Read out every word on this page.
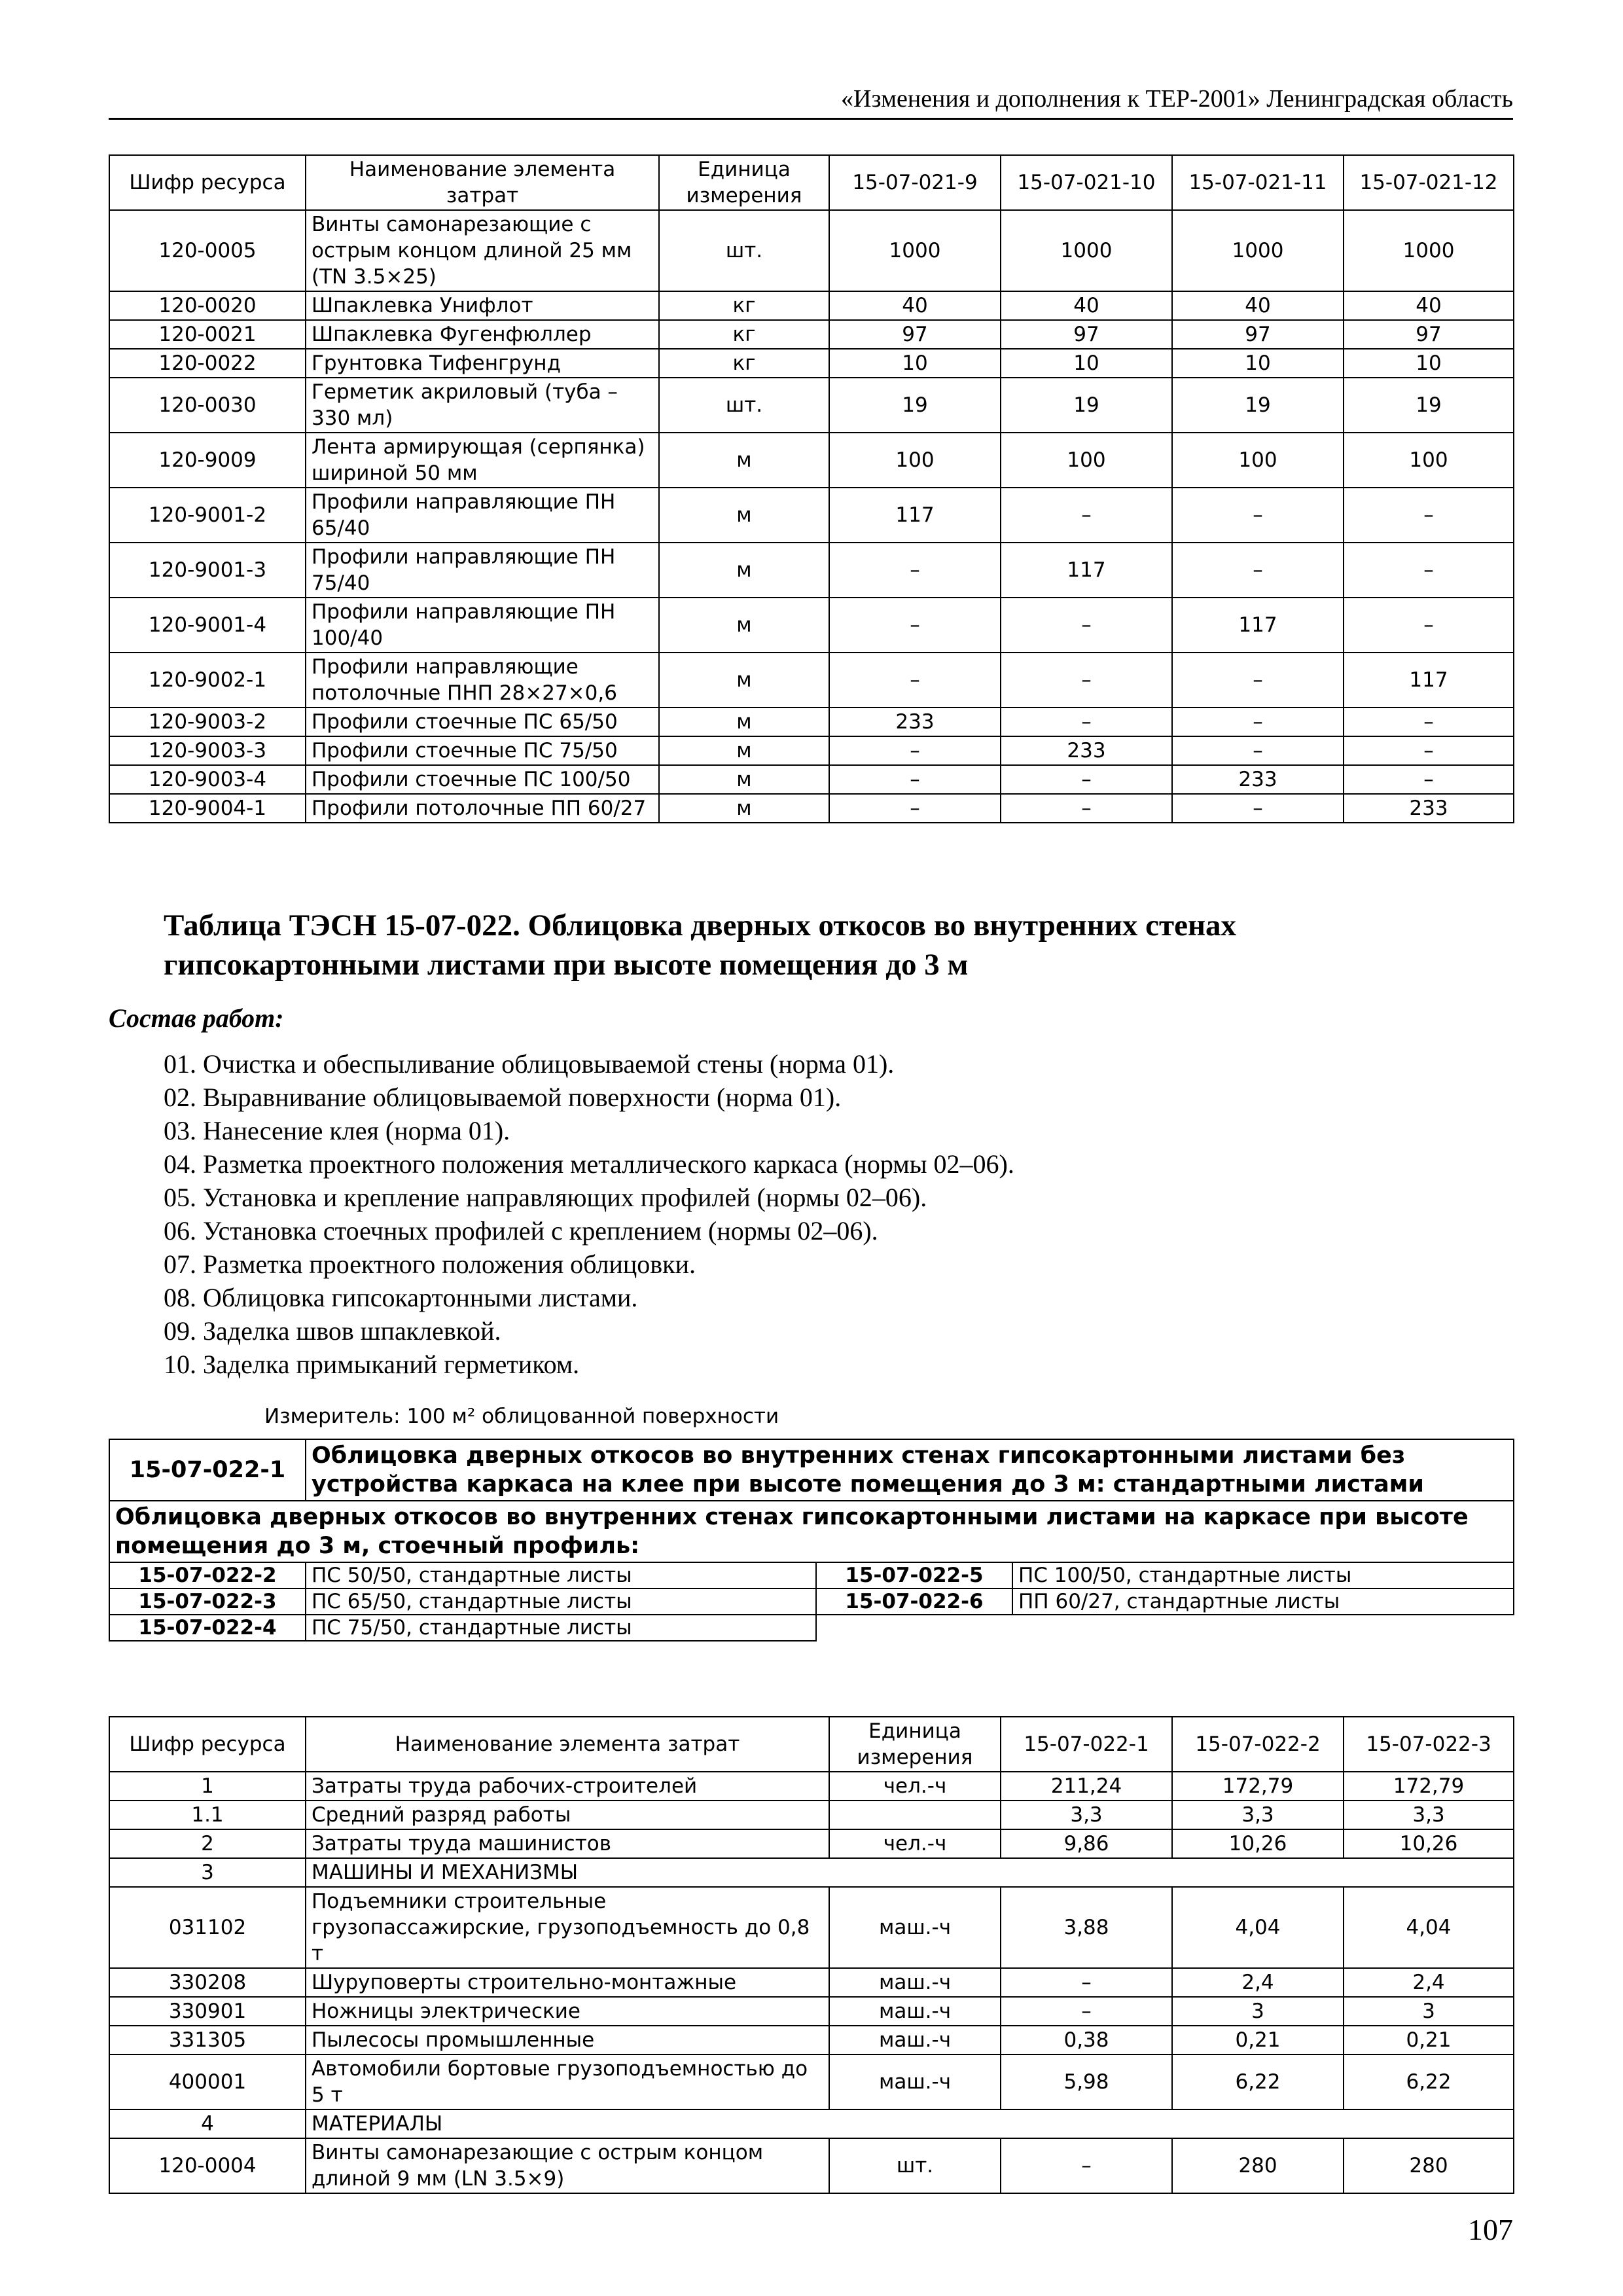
«Изменения и дополнения к ТЕР-2001» Ленинградская область
Шифр ресурса	Наименование элемента затрат	Единица измерения	15-07-021-9	15-07-021-10	15-07-021-11	15-07-021-12
120-0005	Винты самонарезающие с острым концом длиной 25 мм (TN 3.5×25)	шт.	1000	1000	1000	1000
120-0020	Шпаклевка Унифлот	кг	40	40	40	40
120-0021	Шпаклевка Фугенфюллер	кг	97	97	97	97
120-0022	Грунтовка Тифенгрунд	кг	10	10	10	10
120-0030	Герметик акриловый (туба – 330 мл)	шт.	19	19	19	19
120-9009	Лента армирующая (серпянка) шириной 50 мм	м	100	100	100	100
120-9001-2	Профили направляющие ПН 65/40	м	117	–	–	–
120-9001-3	Профили направляющие ПН 75/40	м	–	117	–	–
120-9001-4	Профили направляющие ПН 100/40	м	–	–	117	–
120-9002-1	Профили направляющие потолочные ПНП 28×27×0,6	м	–	–	–	117
120-9003-2	Профили стоечные ПС 65/50	м	233	–	–	–
120-9003-3	Профили стоечные ПС 75/50	м	–	233	–	–
120-9003-4	Профили стоечные ПС 100/50	м	–	–	233	–
120-9004-1	Профили потолочные ПП 60/27	м	–	–	–	233
Таблица ТЭСН 15-07-022. Облицовка дверных откосов во внутренних стенах гипсокартонными листами при высоте помещения до 3 м
Состав работ:
01. Очистка и обеспыливание облицовываемой стены (норма 01).
02. Выравнивание облицовываемой поверхности (норма 01).
03. Нанесение клея (норма 01).
04. Разметка проектного положения металлического каркаса (нормы 02–06).
05. Установка и крепление направляющих профилей (нормы 02–06).
06. Установка стоечных профилей с креплением (нормы 02–06).
07. Разметка проектного положения облицовки.
08. Облицовка гипсокартонными листами.
09. Заделка швов шпаклевкой.
10. Заделка примыканий герметиком.
Измеритель: 100 м² облицованной поверхности
15-07-022-1	Облицовка дверных откосов во внутренних стенах гипсокартонными листами без устройства каркаса на клее при высоте помещения до 3 м: стандартными листами		
Облицовка дверных откосов во внутренних стенах гипсокартонными листами на каркасе при высоте помещения до 3 м, стоечный профиль:			
15-07-022-2	ПС 50/50, стандартные листы	15-07-022-5	ПС 100/50, стандартные листы
15-07-022-3	ПС 65/50, стандартные листы	15-07-022-6	ПП 60/27, стандартные листы
15-07-022-4	ПС 75/50, стандартные листы		
Шифр ресурса	Наименование элемента затрат	Единица измерения	15-07-022-1	15-07-022-2	15-07-022-3
1	Затраты труда рабочих-строителей	чел.-ч	211,24	172,79	172,79
1.1	Средний разряд работы		3,3	3,3	3,3
2	Затраты труда машинистов	чел.-ч	9,86	10,26	10,26
3	МАШИНЫ И МЕХАНИЗМЫ				
031102	Подъемники строительные грузопассажирские, грузоподъемность до 0,8 т	маш.-ч	3,88	4,04	4,04
330208	Шуруповерты строительно-монтажные	маш.-ч	–	2,4	2,4
330901	Ножницы электрические	маш.-ч	–	3	3
331305	Пылесосы промышленные	маш.-ч	0,38	0,21	0,21
400001	Автомобили бортовые грузоподъемностью до 5 т	маш.-ч	5,98	6,22	6,22
4	МАТЕРИАЛЫ				
120-0004	Винты самонарезающие с острым концом длиной 9 мм (LN 3.5×9)	шт.	–	280	280
107
